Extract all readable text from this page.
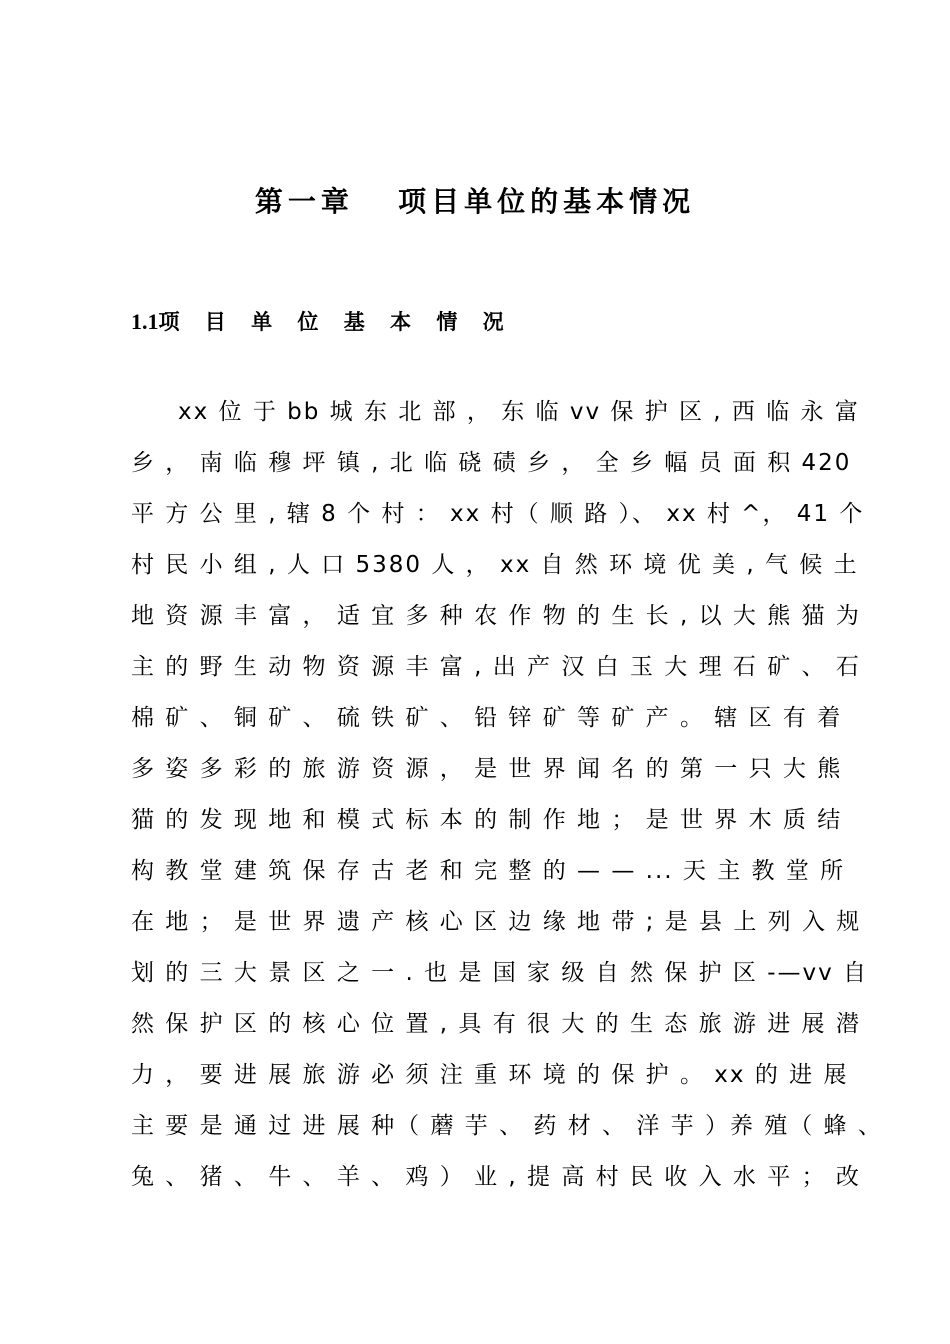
第一章   项目单位的基本情况
1.1项 目 单 位 基 本 情 况
xx 位 于 bb 城 东 北 部 ， 东 临 vv 保 护 区 , 西 临 永 富
乡 ， 南 临 穆 坪 镇 , 北 临 硗 碛 乡 ， 全 乡 幅 员 面 积 420
平 方 公 里 , 辖 8 个 村 ： xx 村（ 顺 路 ）、 xx 村 ^， 41 个
村 民 小 组 , 人 口 5380 人 ， xx 自 然 环 境 优 美 , 气 候 土
地 资 源 丰 富 ， 适 宜 多 种 农 作 物 的 生 长 , 以 大 熊 猫 为
主 的 野 生 动 物 资 源 丰 富 , 出 产 汉 白 玉 大 理 石 矿 、 石
棉 矿 、 铜 矿 、 硫 铁 矿 、 铅 锌 矿 等 矿 产 。 辖 区 有 着
多 姿 多 彩 的 旅 游 资 源 ， 是 世 界 闻 名 的 第 一 只 大 熊
猫 的 发 现 地 和 模 式 标 本 的 制 作 地 ； 是 世 界 木 质 结
构 教 堂 建 筑 保 存 古 老 和 完 整 的 — — ... 天 主 教 堂 所
在 地 ； 是 世 界 遗 产 核 心 区 边 缘 地 带 ; 是 县 上 列 入 规
划 的 三 大 景 区 之 一 . 也 是 国 家 级 自 然 保 护 区 -—vv 自
然 保 护 区 的 核 心 位 置 , 具 有 很 大 的 生 态 旅 游 进 展 潜
力 ， 要 进 展 旅 游 必 须 注 重 环 境 的 保 护 。 xx 的 进 展
主 要 是 通 过 进 展 种（ 蘑 芋 、 药 材 、 洋 芋 ）养 殖（ 蜂 、
兔 、 猪 、 牛 、 羊 、 鸡 ） 业 , 提 高 村 民 收 入 水 平 ； 改
